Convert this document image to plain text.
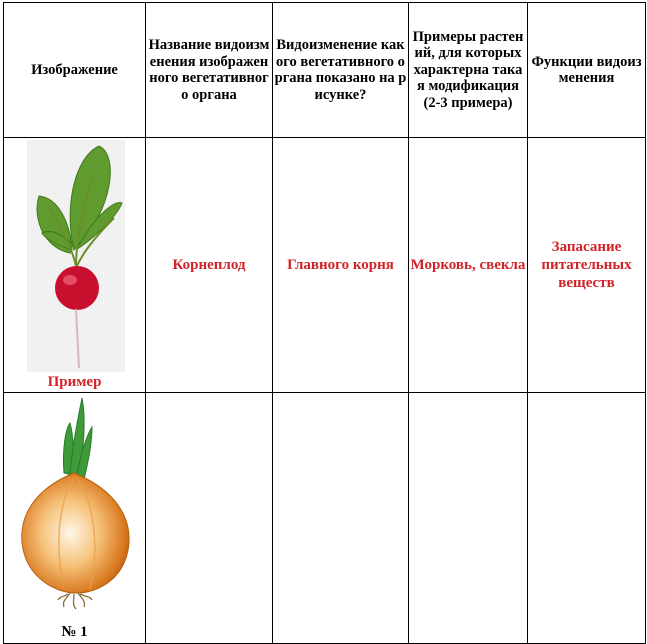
Изображение	Название видоизменения изображенного вегетативного органа	Видоизменение какого вегетативного органа показано на рисунке?	Примеры растений, для которых характерна такая модификация (2-3 примера)	Функции видоизменения

Пример	Корнеплод	Главного корня	Морковь, свекла	Запасание питательных веществ

№ 1				
